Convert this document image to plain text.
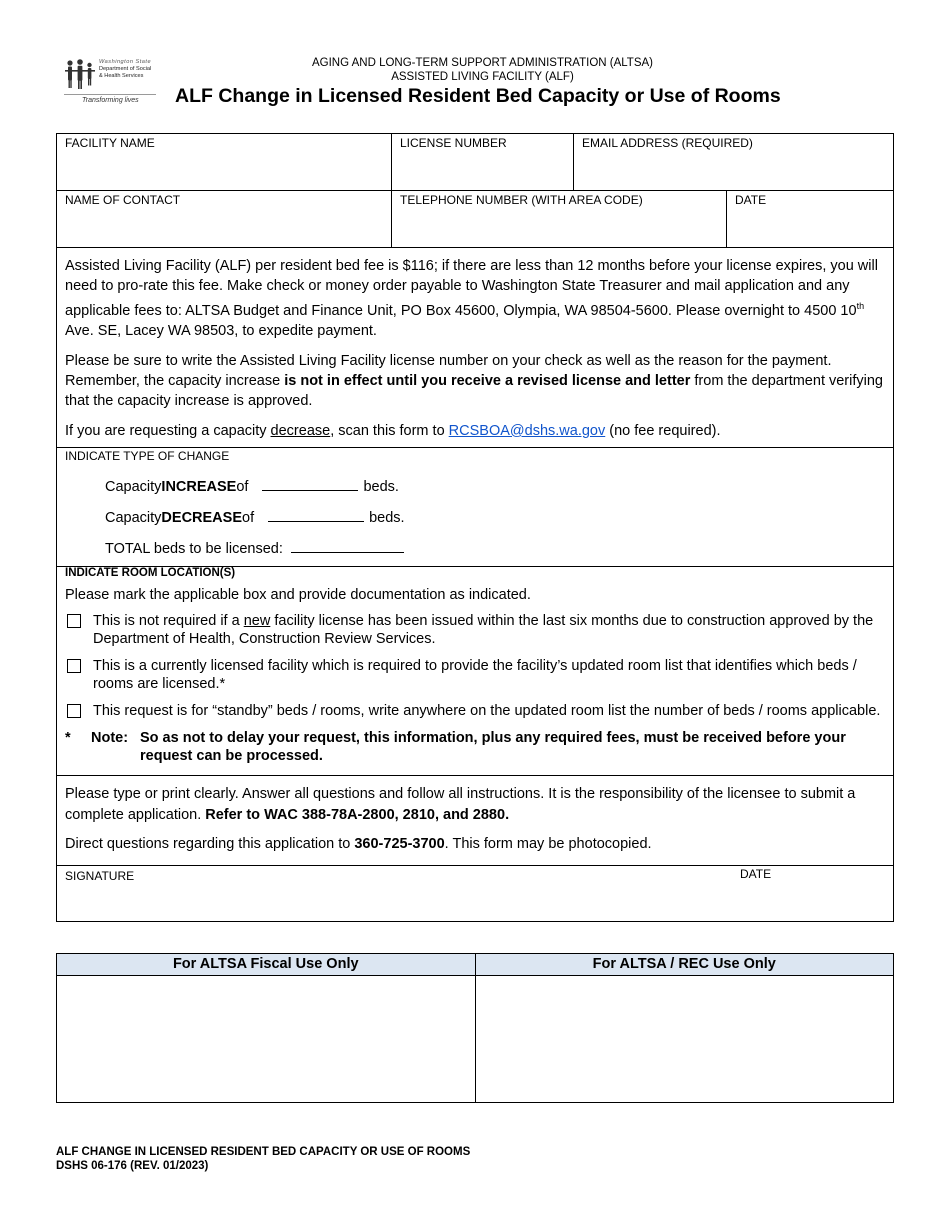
Washington State
Department of Social
& Health Services
Transforming lives
AGING AND LONG-TERM SUPPORT ADMINISTRATION (ALTSA)
ASSISTED LIVING FACILITY (ALF)
ALF Change in Licensed Resident Bed Capacity or Use of Rooms
FACILITY NAME	LICENSE NUMBER	EMAIL ADDRESS (REQUIRED)
NAME OF CONTACT	TELEPHONE NUMBER (WITH AREA CODE)	DATE

Assisted Living Facility (ALF) per resident bed fee is $116; if there are less than 12 months before your license expires, you will need to pro-rate this fee. Make check or money order payable to Washington State Treasurer and mail application and any applicable fees to: ALTSA Budget and Finance Unit, PO Box 45600, Olympia, WA 98504-5600. Please overnight to 4500 10th Ave. SE, Lacey WA 98503, to expedite payment.

Please be sure to write the Assisted Living Facility license number on your check as well as the reason for the payment. Remember, the capacity increase is not in effect until you receive a revised license and letter from the department verifying that the capacity increase is approved.

If you are requesting a capacity decrease, scan this form to RCSBOA@dshs.wa.gov (no fee required).

INDICATE TYPE OF CHANGE
Capacity INCREASE of	beds.
Capacity DECREASE of	beds.
TOTAL beds to be licensed:
INDICATE ROOM LOCATION(S)
Please mark the applicable box and provide documentation as indicated.
This is not required if a new facility license has been issued within the last six months due to construction approved by the Department of Health, Construction Review Services.
This is a currently licensed facility which is required to provide the facility’s updated room list that identifies which beds / rooms are licensed.*
This request is for “standby” beds / rooms, write anywhere on the updated room list the number of beds / rooms applicable.
*	Note: So as not to delay your request, this information, plus any required fees, must be received before your request can be processed.

Please type or print clearly. Answer all questions and follow all instructions. It is the responsibility of the licensee to submit a complete application. Refer to WAC 388-78A-2800, 2810, and 2880.

Direct questions regarding this application to 360-725-3700. This form may be photocopied.

SIGNATURE	DATE
For ALTSA Fiscal Use Only	For ALTSA / REC Use Only
ALF CHANGE IN LICENSED RESIDENT BED CAPACITY OR USE OF ROOMS
DSHS 06-176 (REV. 01/2023)
